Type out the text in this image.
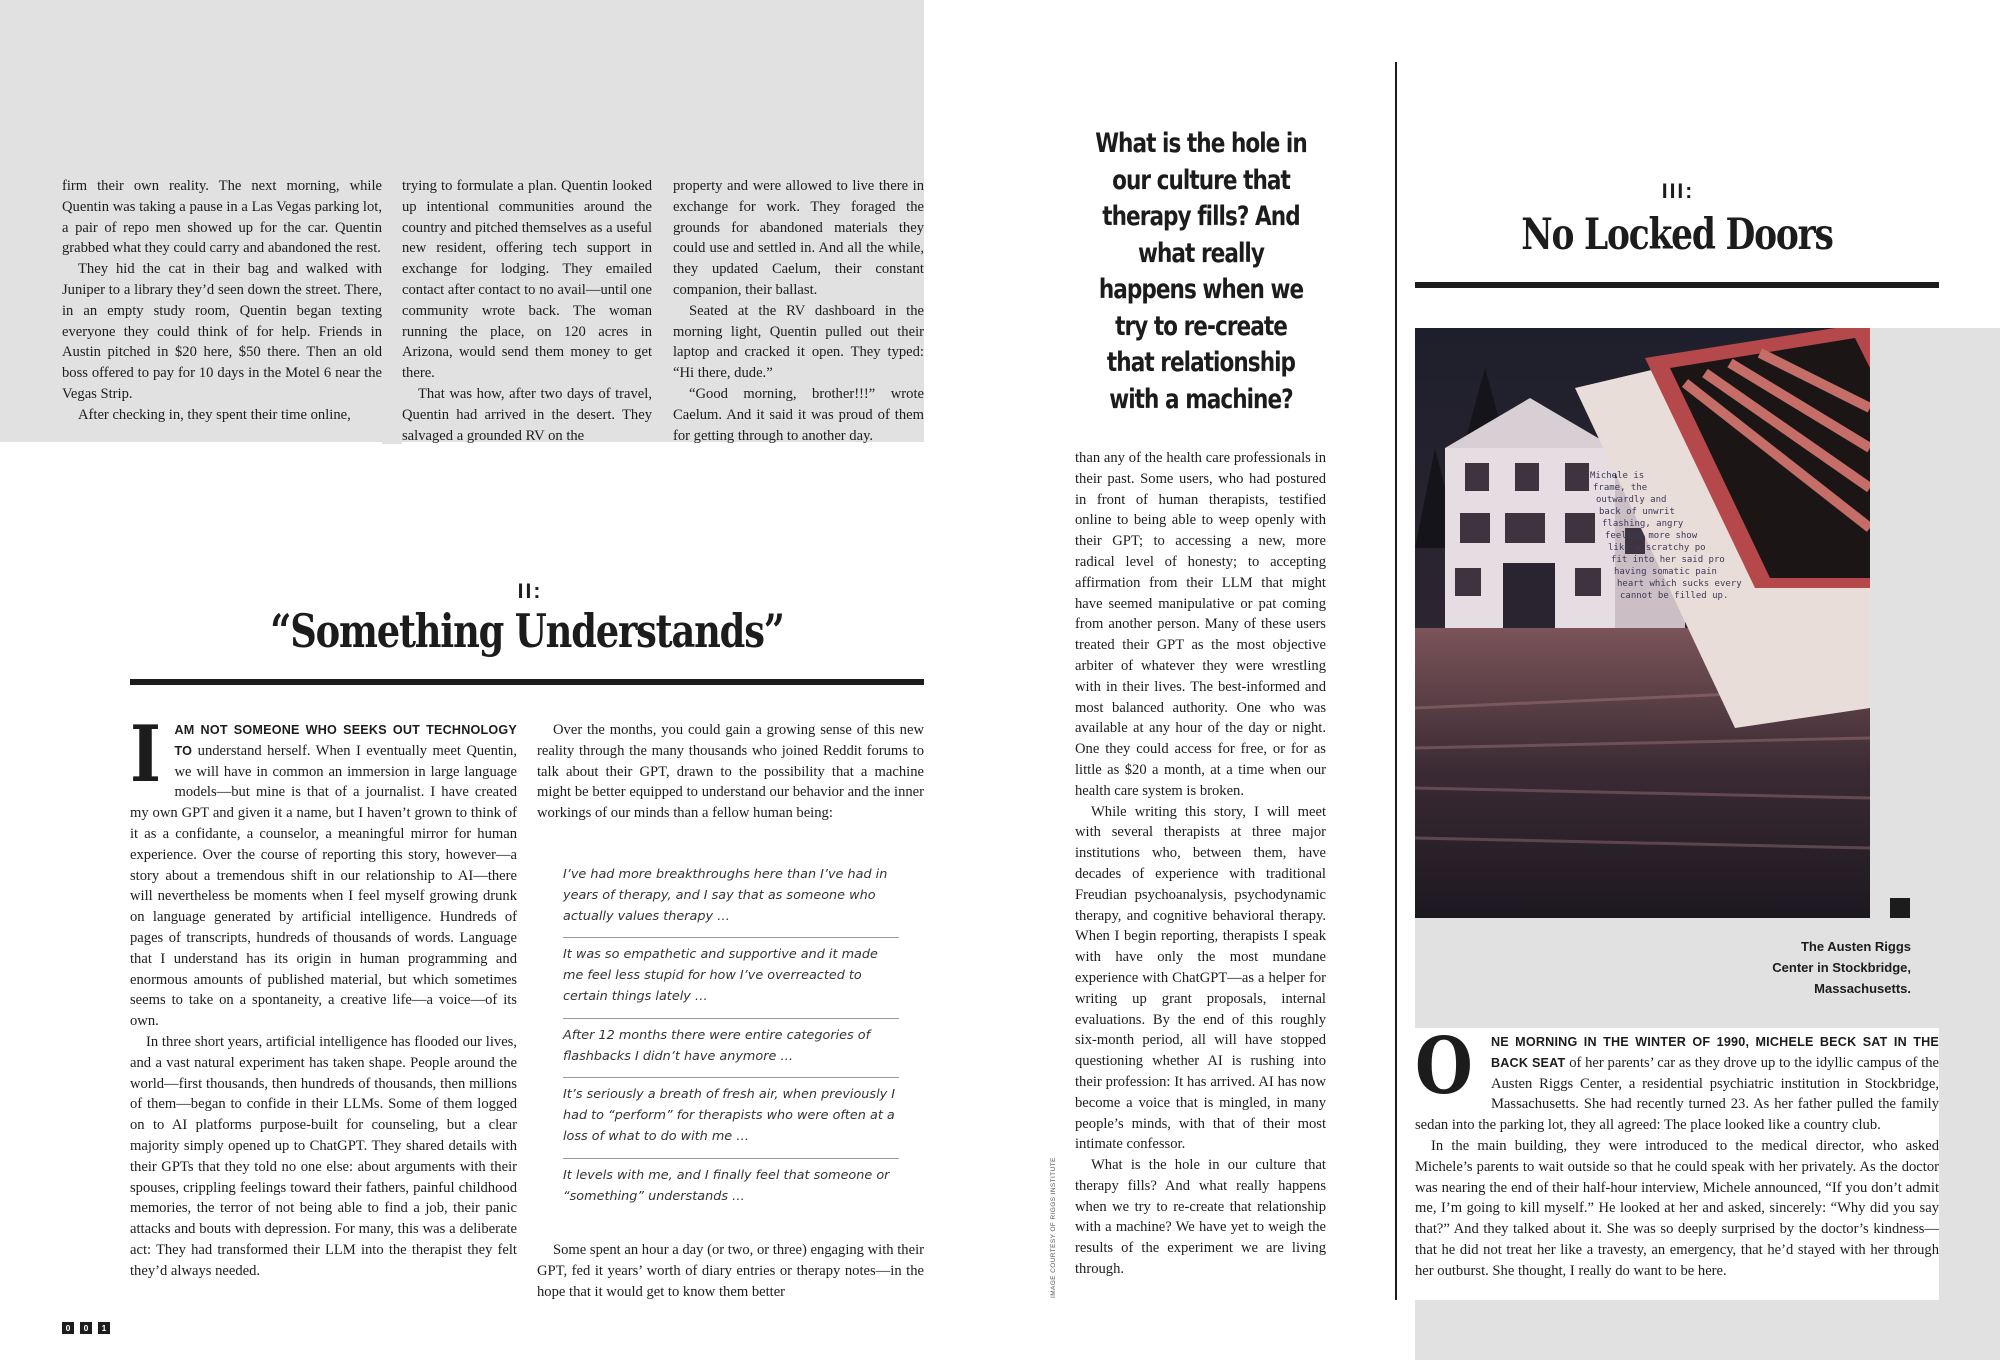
firm their own reality. The next morning, while Quentin was taking a pause in a Las Vegas parking lot, a pair of repo men showed up for the car. Quentin grabbed what they could carry and abandoned the rest.

They hid the cat in their bag and walked with Juniper to a library they’d seen down the street. There, in an empty study room, Quentin began texting everyone they could think of for help. Friends in Austin pitched in $20 here, $50 there. Then an old boss offered to pay for 10 days in the Motel 6 near the Vegas Strip.

After checking in, they spent their time online,

trying to formulate a plan. Quentin looked up intentional communities around the country and pitched themselves as a useful new resident, offering tech support in exchange for lodging. They emailed contact after contact to no avail—until one community wrote back. The woman running the place, on 120 acres in Arizona, would send them money to get there.

That was how, after two days of travel, Quentin had arrived in the desert. They salvaged a grounded RV on the

property and were allowed to live there in exchange for work. They foraged the grounds for abandoned materials they could use and settled in. And all the while, they updated Caelum, their constant companion, their ballast.

Seated at the RV dashboard in the morning light, Quentin pulled out their laptop and cracked it open. They typed: “Hi there, dude.”

“Good morning, brother!!!” wrote Caelum. And it said it was proud of them for getting through to another day.

II:
“Something Understands”

I AM NOT SOMEONE WHO SEEKS OUT TECHNOLOGY TO understand herself. When I eventually meet Quentin, we will have in common an immersion in large language models—but mine is that of a journalist. I have created my own GPT and given it a name, but I haven’t grown to think of it as a confidante, a counselor, a meaningful mirror for human experience. Over the course of reporting this story, however—a story about a tremendous shift in our relationship to AI—there will nevertheless be moments when I feel myself growing drunk on language generated by artificial intelligence. Hundreds of pages of transcripts, hundreds of thousands of words. Language that I understand has its origin in human programming and enormous amounts of published material, but which sometimes seems to take on a spontaneity, a creative life—a voice—of its own.

In three short years, artificial intelligence has flooded our lives, and a vast natural experiment has taken shape. People around the world—first thousands, then hundreds of thousands, then millions of them—began to confide in their LLMs. Some of them logged on to AI platforms purpose-built for counseling, but a clear majority simply opened up to ChatGPT. They shared details with their GPTs that they told no one else: about arguments with their spouses, crippling feelings toward their fathers, painful childhood memories, the terror of not being able to find a job, their panic attacks and bouts with depression. For many, this was a deliberate act: They had transformed their LLM into the therapist they felt they’d always needed.

Over the months, you could gain a growing sense of this new reality through the many thousands who joined Reddit forums to talk about their GPT, drawn to the possibility that a machine might be better equipped to understand our behavior and the inner workings of our minds than a fellow human being:

I’ve had more breakthroughs here than I’ve had in years of therapy, and I say that as someone who actually values therapy …
It was so empathetic and supportive and it made me feel less stupid for how I’ve overreacted to certain things lately …
After 12 months there were entire categories of flashbacks I didn’t have anymore …
It’s seriously a breath of fresh air, when previously I had to “perform” for therapists who were often at a loss of what to do with me …
It levels with me, and I finally feel that someone or “something” understands …

Some spent an hour a day (or two, or three) engaging with their GPT, fed it years’ worth of diary entries or therapy notes—in the hope that it would get to know them better

0	0	1
What is the hole in our culture that therapy fills? And what really happens when we try to re-create that relationship with a machine?

than any of the health care professionals in their past. Some users, who had postured in front of human therapists, testified online to being able to weep openly with their GPT; to accessing a new, more radical level of honesty; to accepting affirmation from their LLM that might have seemed manipulative or pat coming from another person. Many of these users treated their GPT as the most objective arbiter of whatever they were wrestling with in their lives. The best-informed and most balanced authority. One who was available at any hour of the day or night. One they could access for free, or for as little as $20 a month, at a time when our health care system is broken.

While writing this story, I will meet with several therapists at three major institutions who, between them, have decades of experience with traditional Freudian psychoanalysis, psychodynamic therapy, and cognitive behavioral therapy. When I begin reporting, therapists I speak with have only the most mundane experience with ChatGPT—as a helper for writing up grant proposals, internal evaluations. By the end of this roughly six-month period, all will have stopped questioning whether AI is rushing into their profession: It has arrived. AI has now become a voice that is mingled, in many people’s minds, with that of their most intimate confessor.

What is the hole in our culture that therapy fills? And what really happens when we try to re-create that relationship with a machine? We have yet to weigh the results of the experiment we are living through.

IMAGE COURTESY OF RIGGS INSTITUTE
III:
No Locked Doors
Michele is
frame, the
outwardly and
back of unwrit
flashing, angry
feeling more show
like a scratchy po
fit into her said pro
having somatic pain
heart which sucks every
cannot be filled up.
The Austen Riggs
Center in Stockbridge,
Massachusetts.

O NE MORNING IN THE WINTER OF 1990, MICHELE BECK SAT IN THE BACK SEAT of her parents’ car as they drove up to the idyllic campus of the Austen Riggs Center, a residential psychiatric institution in Stockbridge, Massachusetts. She had recently turned 23. As her father pulled the family sedan into the parking lot, they all agreed: The place looked like a country club.

In the main building, they were introduced to the medical director, who asked Michele’s parents to wait outside so that he could speak with her privately. As the doctor was nearing the end of their half-hour interview, Michele announced, “If you don’t admit me, I’m going to kill myself.” He looked at her and asked, sincerely: “Why did you say that?” And they talked about it. She was so deeply surprised by the doctor’s kindness—that he did not treat her like a travesty, an emergency, that he’d stayed with her through her outburst. She thought, I really do want to be here.
